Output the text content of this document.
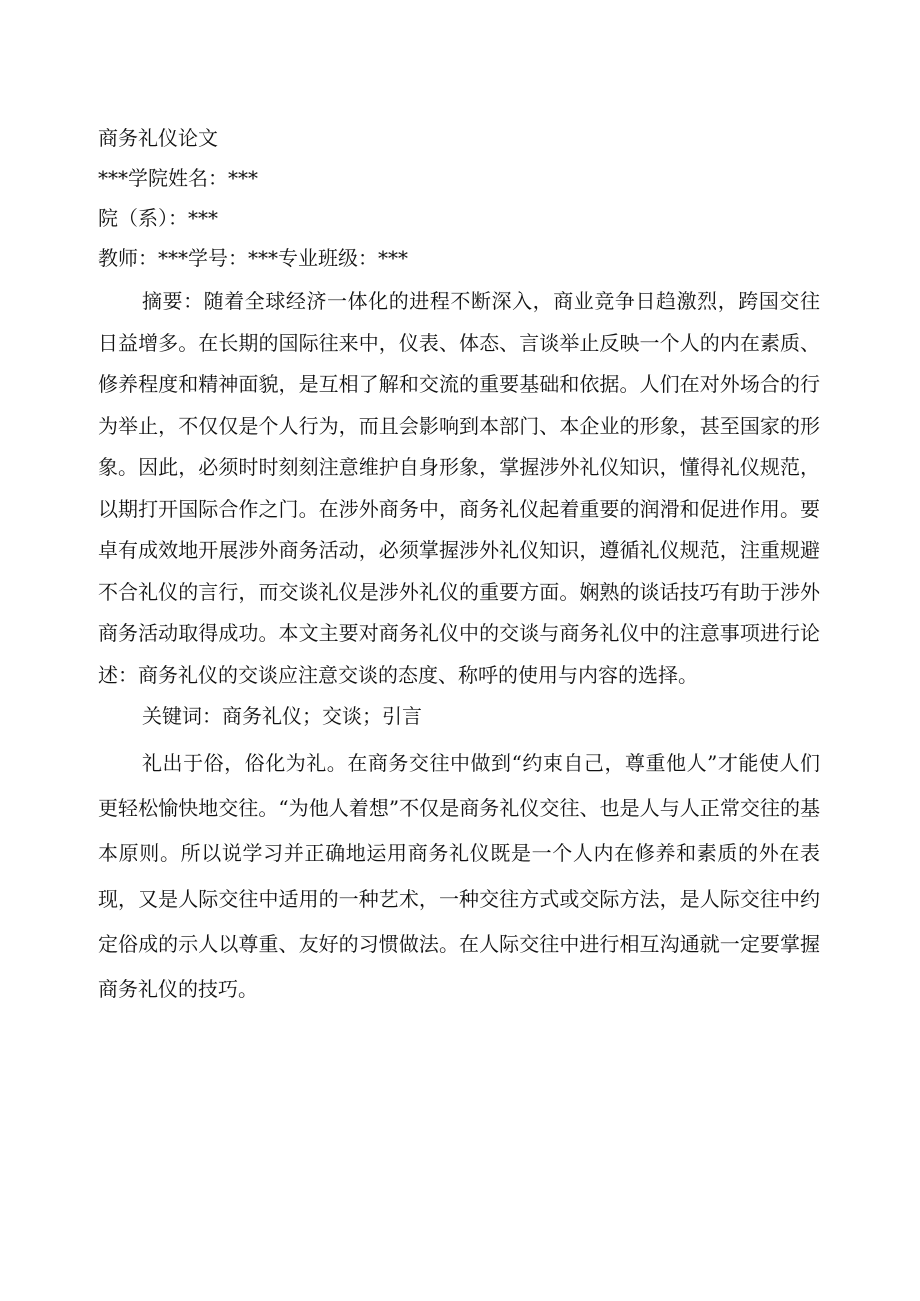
商务礼仪论文

***学院姓名：***

院（系）：***

教师：***学号：***专业班级：***

摘要：随着全球经济一体化的进程不断深入，商业竞争日趋激烈，跨国交往日益增多。在长期的国际往来中，仪表、体态、言谈举止反映一个人的内在素质、修养程度和精神面貌，是互相了解和交流的重要基础和依据。人们在对外场合的行为举止，不仅仅是个人行为，而且会影响到本部门、本企业的形象，甚至国家的形象。因此，必须时时刻刻注意维护自身形象，掌握涉外礼仪知识，懂得礼仪规范，以期打开国际合作之门。在涉外商务中，商务礼仪起着重要的润滑和促进作用。要卓有成效地开展涉外商务活动，必须掌握涉外礼仪知识，遵循礼仪规范，注重规避不合礼仪的言行，而交谈礼仪是涉外礼仪的重要方面。娴熟的谈话技巧有助于涉外商务活动取得成功。本文主要对商务礼仪中的交谈与商务礼仪中的注意事项进行论述：商务礼仪的交谈应注意交谈的态度、称呼的使用与内容的选择。

关键词：商务礼仪；交谈；引言

礼出于俗，俗化为礼。在商务交往中做到“约束自己，尊重他人”才能使人们更轻松愉快地交往。“为他人着想”不仅是商务礼仪交往、也是人与人正常交往的基本原则。所以说学习并正确地运用商务礼仪既是一个人内在修养和素质的外在表现，又是人际交往中适用的一种艺术，一种交往方式或交际方法，是人际交往中约定俗成的示人以尊重、友好的习惯做法。在人际交往中进行相互沟通就一定要掌握商务礼仪的技巧。
